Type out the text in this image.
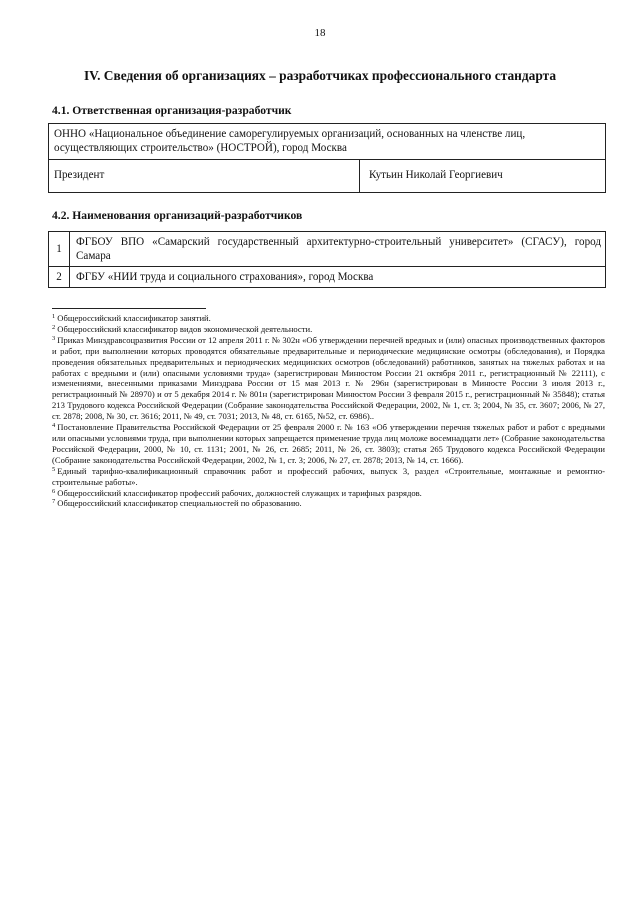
18
IV. Сведения об организациях – разработчиках профессионального стандарта
4.1. Ответственная организация-разработчик
ОННО «Национальное объединение саморегулируемых организаций, основанных на членстве лиц, осуществляющих строительство» (НОСТРОЙ), город Москва
Президент	Кутьин Николай Георгиевич
4.2. Наименования организаций-разработчиков
1	ФГБОУ ВПО «Самарский государственный архитектурно-строительный университет» (СГАСУ), город Самара
2	ФГБУ «НИИ труда и социального страхования», город Москва

$^1$ Общероссийский классификатор занятий.

$^2$ Общероссийский классификатор видов экономической деятельности.

$^3$ Приказ Минздравсоцразвития России от 12 апреля 2011 г. № 302н «Об утверждении перечней вредных и (или) опасных производственных факторов и работ, при выполнении которых проводятся обязательные предварительные и периодические медицинские осмотры (обследования), и Порядка проведения обязательных предварительных и периодических медицинских осмотров (обследований) работников, занятых на тяжелых работах и на работах с вредными и (или) опасными условиями труда» (зарегистрирован Минюстом России 21 октября 2011 г., регистрационный № 22111), с изменениями, внесенными приказами Минздрава России от 15 мая 2013 г. № 296н (зарегистрирован в Минюсте России 3 июля 2013 г., регистрационный № 28970) и от 5 декабря 2014 г. № 801н (зарегистрирован Минюстом России 3 февраля 2015 г., регистрационный № 35848); статья 213 Трудового кодекса Российской Федерации (Собрание законодательства Российской Федерации, 2002, № 1, ст. 3; 2004, № 35, ст. 3607; 2006, № 27, ст. 2878; 2008, № 30, ст. 3616; 2011, № 49, ст. 7031; 2013, № 48, ст. 6165, №52, ст. 6986)..

$^4$ Постановление Правительства Российской Федерации от 25 февраля 2000 г. № 163 «Об утверждении перечня тяжелых работ и работ с вредными или опасными условиями труда, при выполнении которых запрещается применение труда лиц моложе восемнадцати лет» (Собрание законодательства Российской Федерации, 2000, № 10, ст. 1131; 2001, № 26, ст. 2685; 2011, № 26, ст. 3803); статья 265 Трудового кодекса Российской Федерации (Собрание законодательства Российской Федерации, 2002, № 1, ст. 3; 2006, № 27, ст. 2878; 2013, № 14, ст. 1666).

$^5$ Единый тарифно-квалификационный справочник работ и профессий рабочих, выпуск 3, раздел «Строительные, монтажные и ремонтно-строительные работы».

$^6$ Общероссийский классификатор профессий рабочих, должностей служащих и тарифных разрядов.

$^7$ Общероссийский классификатор специальностей по образованию.
